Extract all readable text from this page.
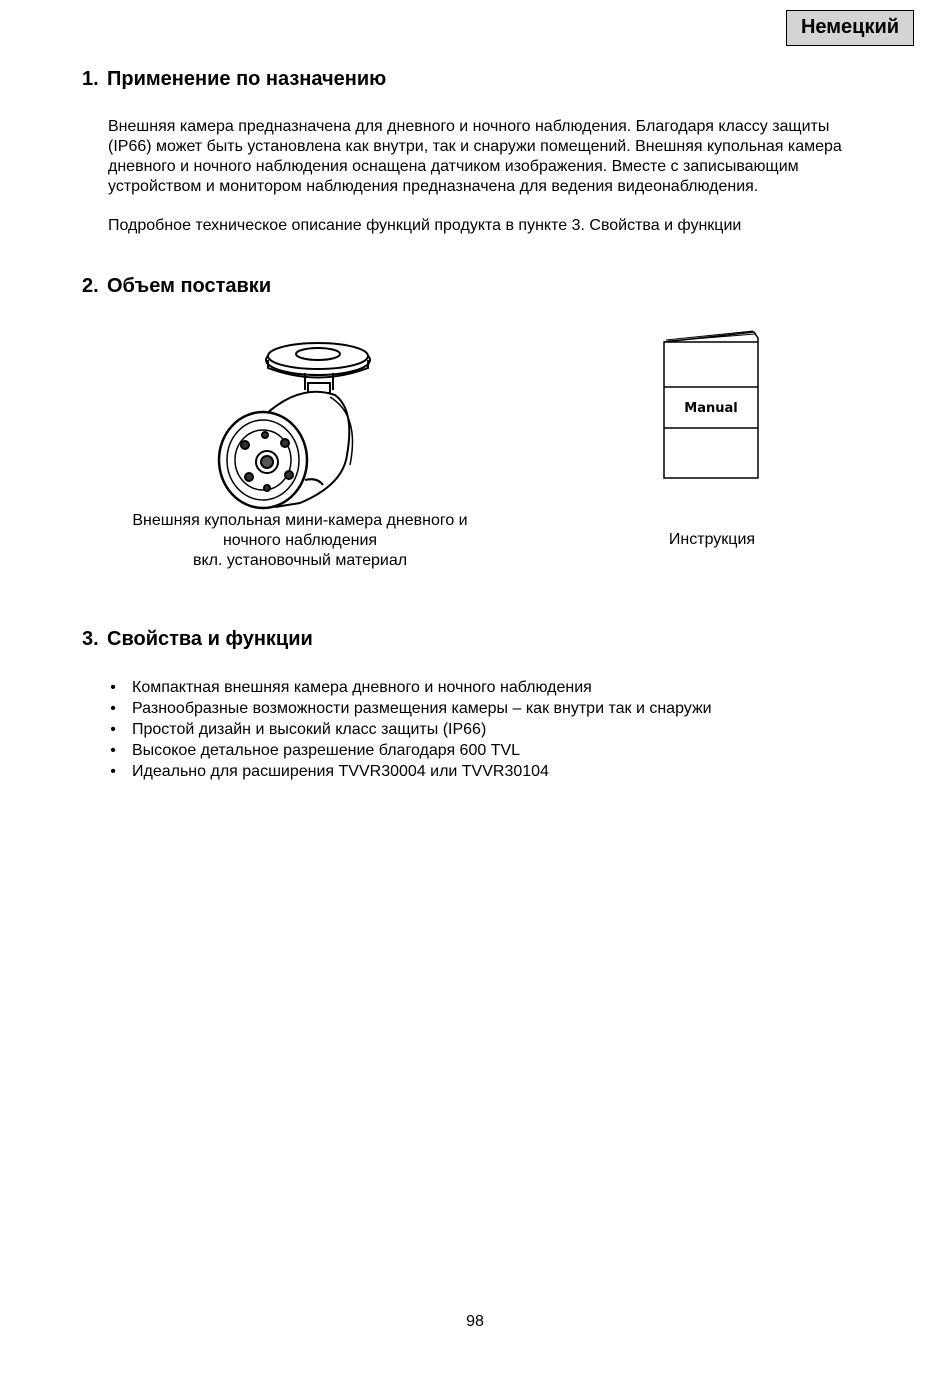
Немецкий
1. Применение по назначению

Внешняя камера предназначена для дневного и ночного наблюдения. Благодаря классу защиты
(IP66) может быть установлена как внутри, так и снаружи помещений. Внешняя купольная камера
дневного и ночного наблюдения оснащена датчиком изображения. Вместе с записывающим
устройством и монитором наблюдения предназначена для ведения видеонаблюдения.

Подробное техническое описание функций продукта в пункте 3. Свойства и функции

2. Объем поставки

Внешняя купольная мини-камера дневного и
ночного наблюдения
вкл. установочный материал

Manual

Инструкция

3. Свойства и функции
• Компактная внешняя камера дневного и ночного наблюдения
• Разнообразные возможности размещения камеры – как внутри так и снаружи
• Простой дизайн и высокий класс защиты (IP66)
• Высокое детальное разрешение благодаря 600 TVL
• Идеально для расширения TVVR30004 или TVVR30104
98
